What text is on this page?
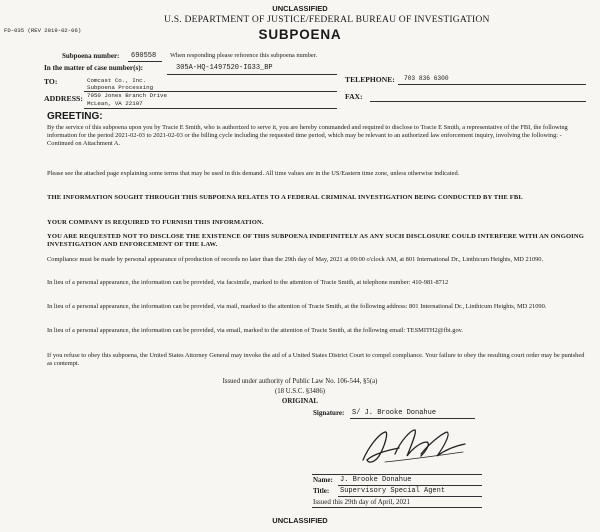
UNCLASSIFIED
FD-035 (REV 2019-02-06)
U.S. DEPARTMENT OF JUSTICE/FEDERAL BUREAU OF INVESTIGATION
SUBPOENA
Subpoena number: 690558 When responding please reference this subpoena number.
In the matter of case number(s):	305A-HQ-1497520-IG33_BP
TO:	Comcast Co., Inc.
Subpoena Processing
TELEPHONE: 703 836 6300
ADDRESS: 7950 Jones Branch Drive
McLean, VA 22107
FAX:
GREETING:
By the service of this subpoena upon you by Tracie E Smith, who is authorized to serve it, you are hereby commanded and required to disclose to Tracie E Smith, a representative of the FBI, the following information for the period 2021-02-03 to 2021-02-03 or the billing cycle including the requested time period, which may be relevant to an authorized law enforcement inquiry, involving the following: - Continued on Attachment A.
Please see the attached page explaining some terms that may be used in this demand. All time values are in the US/Eastern time zone, unless otherwise indicated.
THE INFORMATION SOUGHT THROUGH THIS SUBPOENA RELATES TO A FEDERAL CRIMINAL INVESTIGATION BEING CONDUCTED BY THE FBI.
YOUR COMPANY IS REQUIRED TO FURNISH THIS INFORMATION.
YOU ARE REQUESTED NOT TO DISCLOSE THE EXISTENCE OF THIS SUBPOENA INDEFINITELY AS ANY SUCH DISCLOSURE COULD INTERFERE WITH AN ONGOING INVESTIGATION AND ENFORCEMENT OF THE LAW.
Compliance must be made by personal appearance of production of records no later than the 29th day of May, 2021 at 09:00 o'clock AM, at 801 International Dr., Linthicum Heights, MD 21090.
In lieu of a personal appearance, the information can be provided, via facsimile, marked to the attention of Tracie Smith, at telephone number: 410-981-8712
In lieu of a personal appearance, the information can be provided, via mail, marked to the attention of Tracie Smith, at the following address: 801 International Dr., Linthicum Heights, MD 21090.
In lieu of a personal appearance, the information can be provided, via email, marked to the attention of Tracie Smith, at the following email: TESMITH2@fbi.gov.
If you refuse to obey this subpoena, the United States Attorney General may invoke the aid of a United States District Court to compel compliance. Your failure to obey the resulting court order may be punished as contempt.
Issued under authority of Public Law No. 106-544, §5(a)
(18 U.S.C. §3486)
ORIGINAL
Signature: S/ J. Brooke Donahue
Name: J. Brooke Donahue
Title: Supervisory Special Agent
Issued this 29th day of April, 2021
UNCLASSIFIED
